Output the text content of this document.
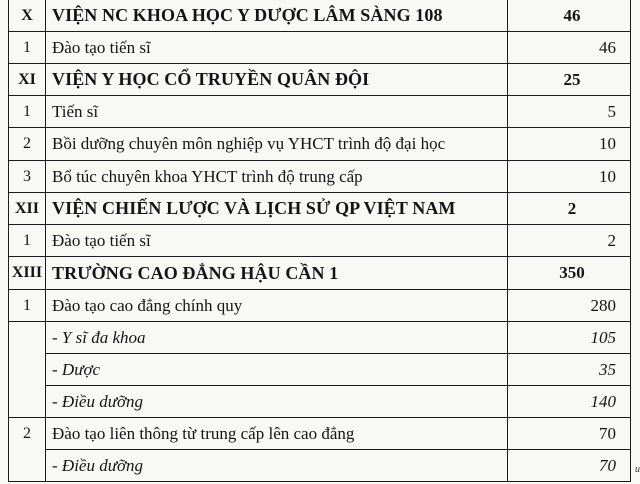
X	VIỆN NC KHOA HỌC Y DƯỢC LÂM SÀNG 108	46
1	Đào tạo tiến sĩ	46
XI	VIỆN Y HỌC CỔ TRUYỀN QUÂN ĐỘI	25
1	Tiến sĩ	5
2	Bồi dưỡng chuyên môn nghiệp vụ YHCT trình độ đại học	10
3	Bổ túc chuyên khoa YHCT trình độ trung cấp	10
XII	VIỆN CHIẾN LƯỢC VÀ LỊCH SỬ QP VIỆT NAM	2
1	Đào tạo tiến sĩ	2
XIII	TRƯỜNG CAO ĐẲNG HẬU CẦN 1	350
1	Đào tạo cao đẳng chính quy	280
	- Y sĩ đa khoa	105
	- Dược	35
	- Điều dưỡng	140
2	Đào tạo liên thông từ trung cấp lên cao đẳng	70
	- Điều dưỡng	70 u
